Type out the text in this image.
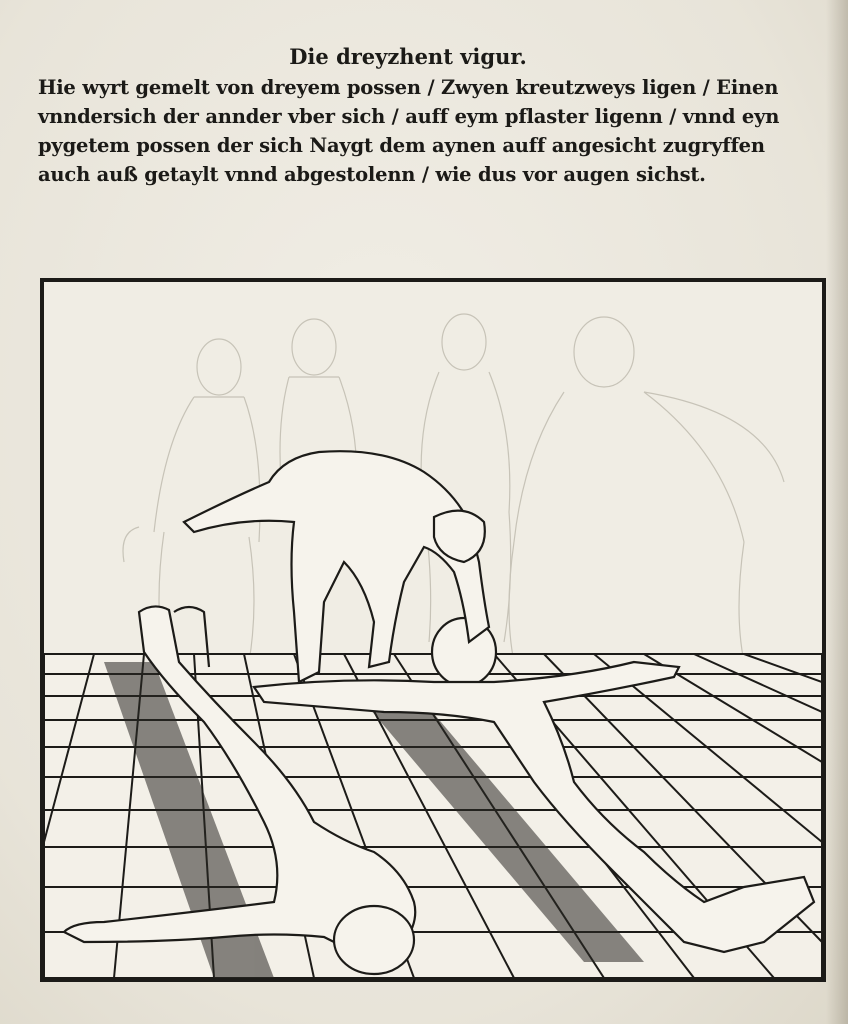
Die dreyzhent vigur.
Hie wyrt gemelt von dreyem possen / Zwyen kreutzweys ligen / Einen
vnndersich der annder vber sich / auff eym pflaster ligenn / vnnd eyn
pygetem possen der sich Naygt dem aynen auff angesicht zugryffen
auch auß getaylt vnnd abgestolenn / wie dus vor augen sichst.
